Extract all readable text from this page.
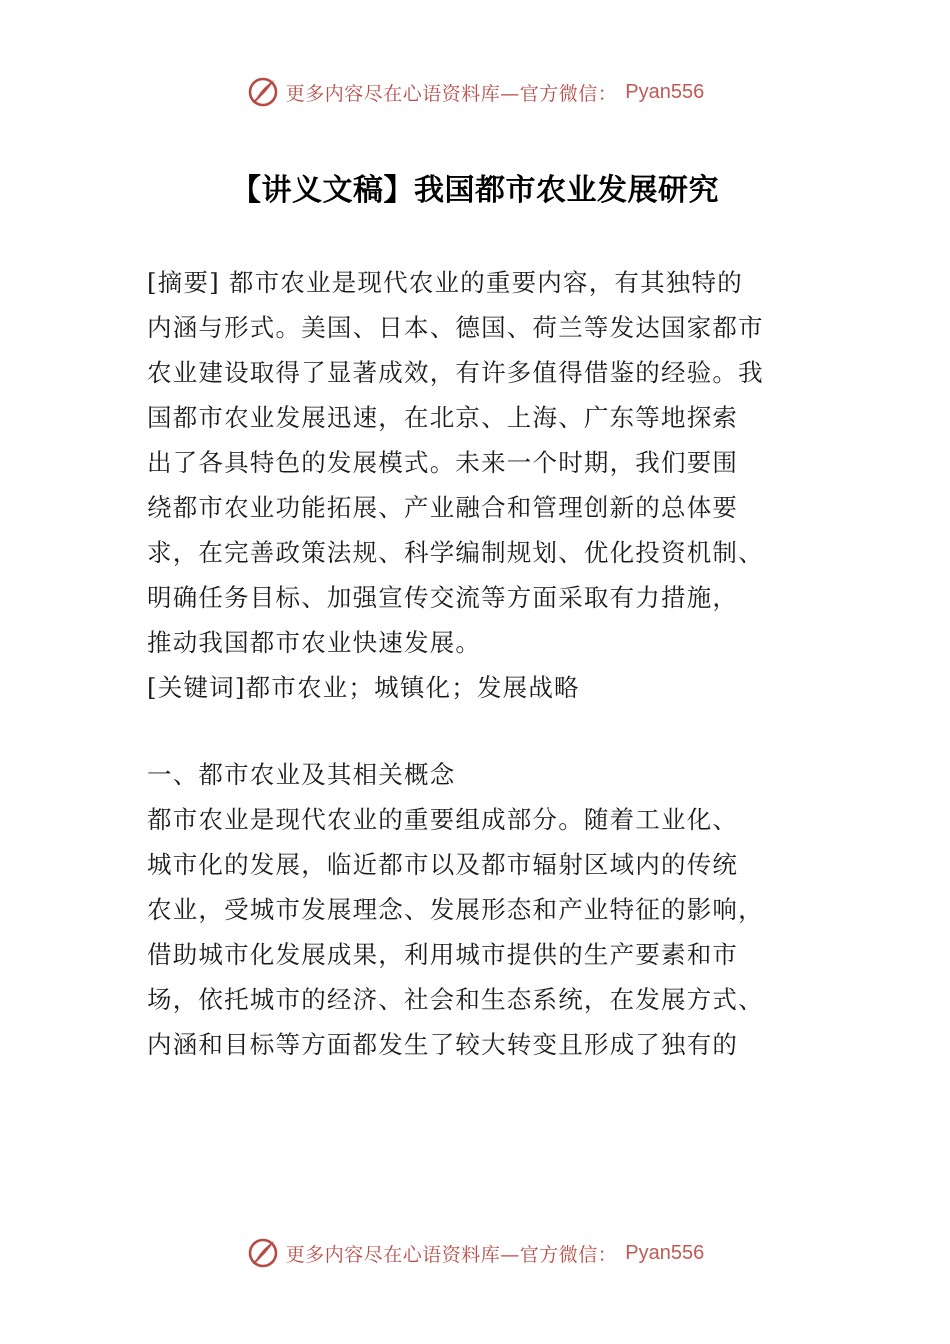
更多内容尽在心语资料库—官方微信： Pyan556
【讲义文稿】我国都市农业发展研究
[摘要] 都市农业是现代农业的重要内容，有其独特的
内涵与形式。美国、日本、德国、荷兰等发达国家都市
农业建设取得了显著成效，有许多值得借鉴的经验。我
国都市农业发展迅速，在北京、上海、广东等地探索
出了各具特色的发展模式。未来一个时期，我们要围
绕都市农业功能拓展、产业融合和管理创新的总体要
求，在完善政策法规、科学编制规划、优化投资机制、
明确任务目标、加强宣传交流等方面采取有力措施，
推动我国都市农业快速发展。
[关键词]都市农业；城镇化；发展战略
一、都市农业及其相关概念
都市农业是现代农业的重要组成部分。随着工业化、
城市化的发展，临近都市以及都市辐射区域内的传统
农业，受城市发展理念、发展形态和产业特征的影响，
借助城市化发展成果，利用城市提供的生产要素和市
场，依托城市的经济、社会和生态系统，在发展方式、
内涵和目标等方面都发生了较大转变且形成了独有的
更多内容尽在心语资料库—官方微信： Pyan556
